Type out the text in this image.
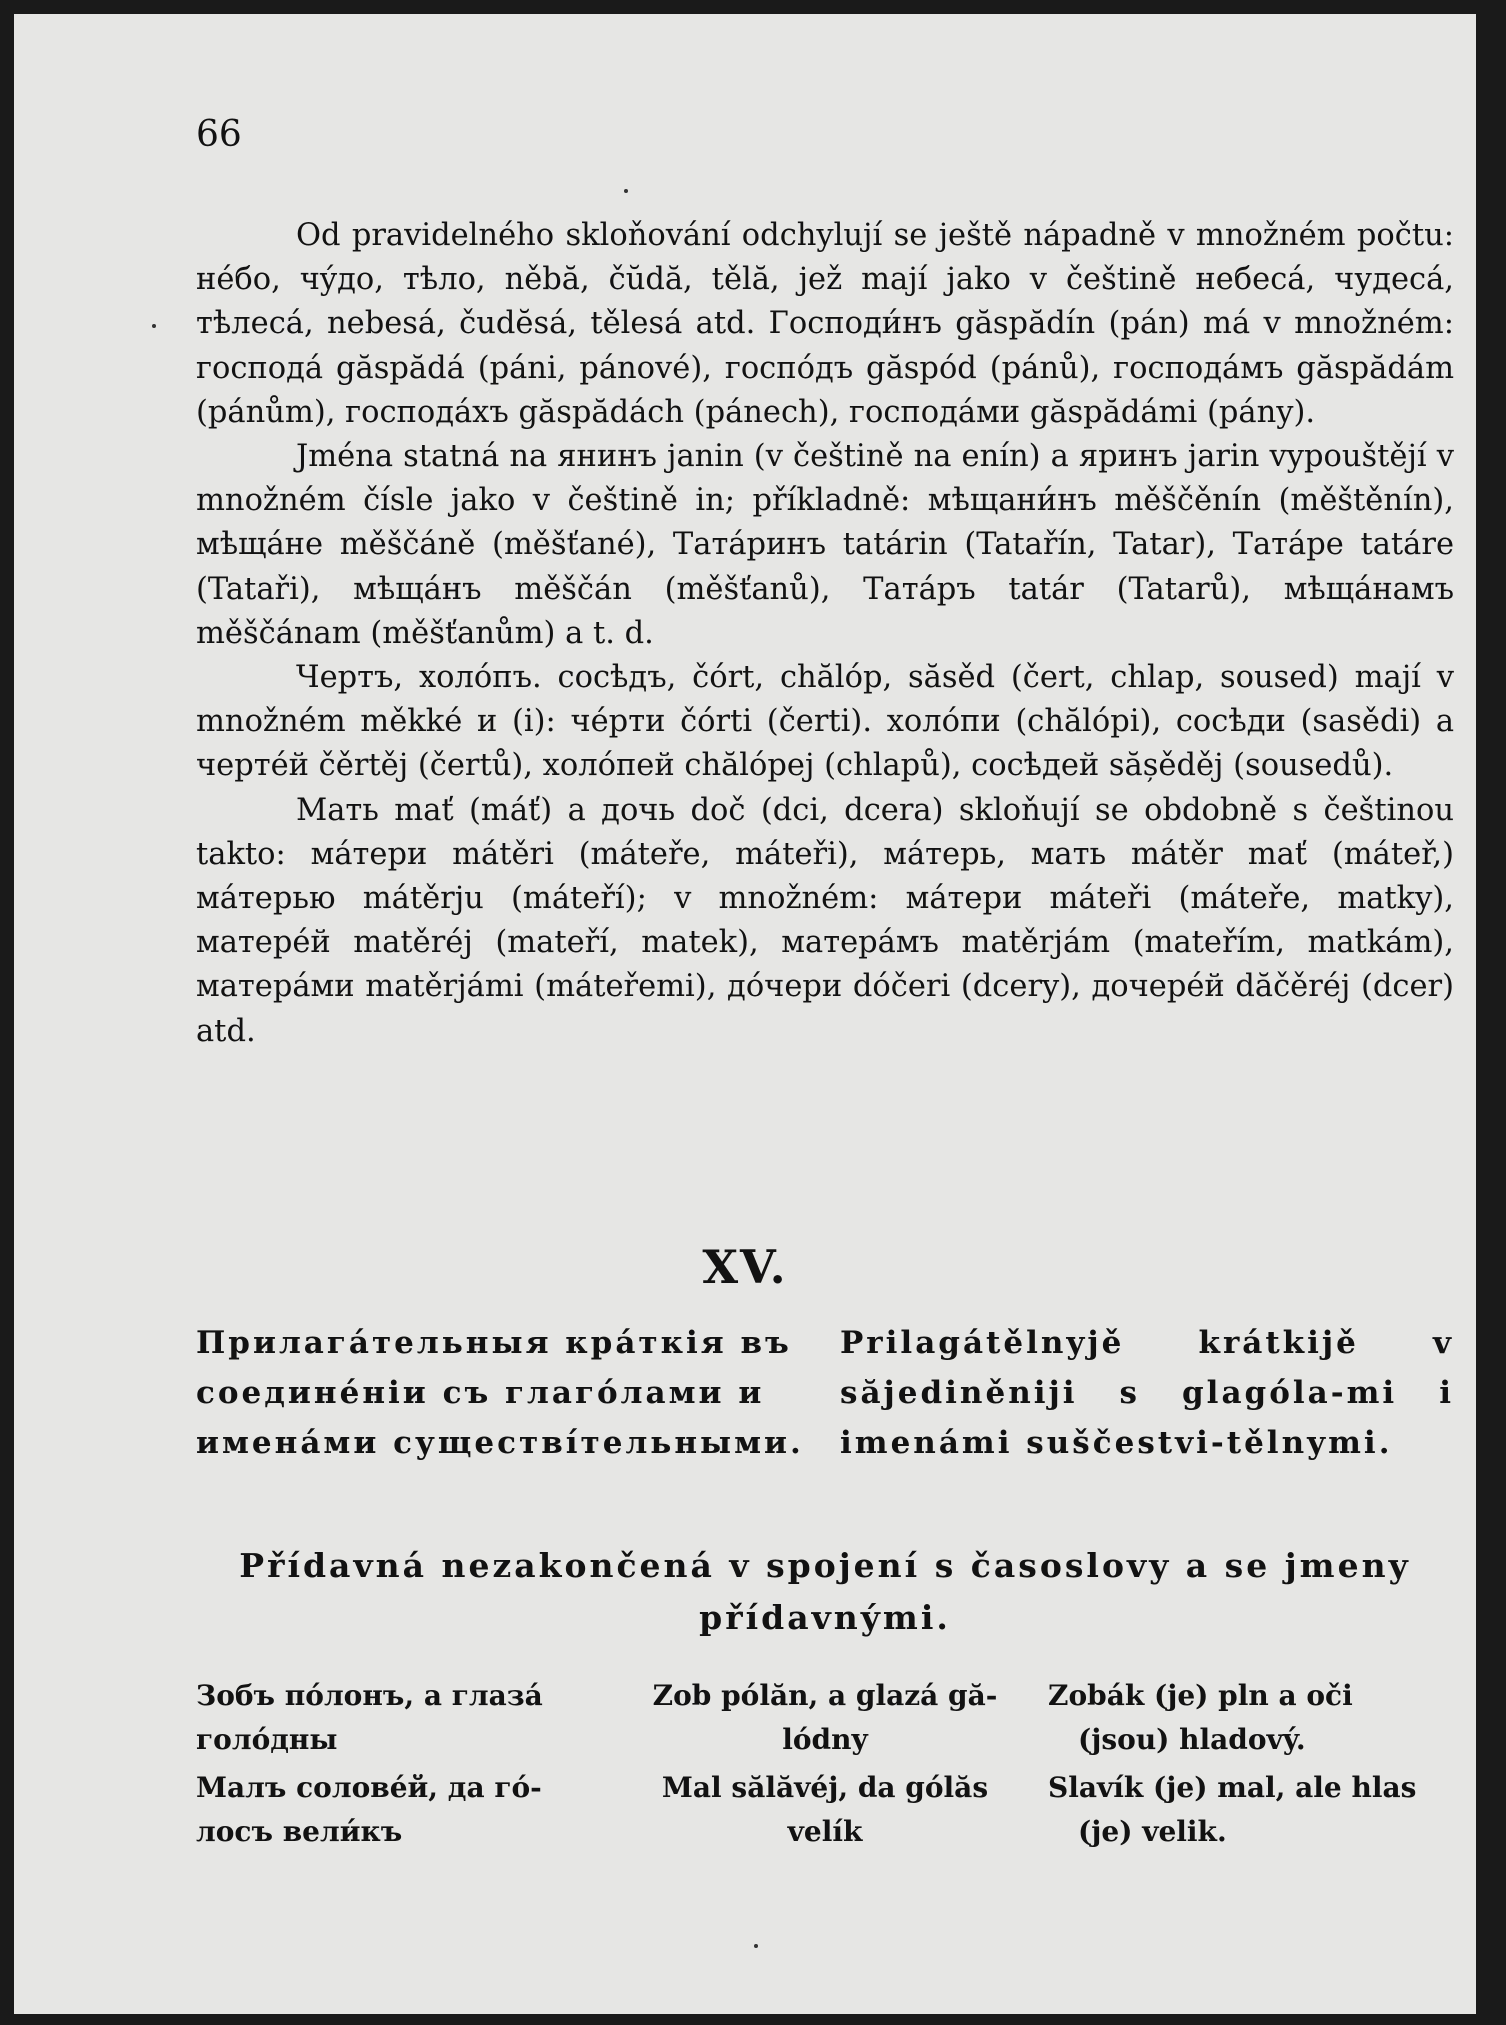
66

Od pravidelného skloňování odchylují se ještě nápadně v množném počtu: нéбо, чýдо, тѣло, něbă, čŭdă, tělă, jež mají jako v češtině небесá, чудесá, тѣлесá, nebesá, čudĕsá, tělesá atd. Господи́нъ găspădín (pán) má v množném: господá găspădá (páni, pánové), госпóдъ găspód (pánů), господáмъ găspădám (pánům), господáхъ găspădách (pánech), господáми găspădámi (pány).

Jména statná na янинъ janin (v češtině na enín) a яринъ jarin vypouštějí v množném čísle jako v češtině in; příkladně: мѣщани́нъ měščěnín (měštěnín), мѣщáне měščáně (měšťané), Татáринъ tatárin (Tatařín, Tatar), Татáре tatáre (Tataři), мѣщáнъ měščán (měšťanů), Татáръ tatár (Tatarů), мѣщáнамъ měščánam (měšťanům) a t. d.

Чертъ, холóпъ. сосѣдъ, čórt, chălóp, săsěd (čert, chlap, soused) mají v množném měkké и (i): чéрти čórti (čerti). холóпи (chălópi), сосѣди (sasědi) a чертéй čěrtěj (čertů), холóпей chălópej (chlapů), сосѣдей sășěděj (sousedů).

Мать mať (máť) a дочь doč (dci, dcera) skloňují se obdobně s češtinou takto: мáтери mátěri (mátеře, mátеři), мáтерь, мать mátěr mať (mátеř,) мáтерью mátěrju (mátеří); v množném: мáтери mátеři (mátеře, matky), матерéй matěréj (mateří, matek), матерáмъ matěrjám (mateřím, matkám), матерáми matěrjámi (mátеřemi), дóчери dóčeri (dcery), дочерéй dăčěréj (dcer) atd.

XV.
Прилагáтельныя крáткія въ соединéніи съ глагóлами и именáми сущеcтвíтельными.
Prilagátělnyjě krátkijě v săjediněniji s glagóla-mi i imenámi suščestvi-tělnymi.
Přídavná nezakončená v spojení s časoslovy a se jmeny přídavnými.

Зобъ пóлонъ, а глазá
голóдны

Малъ соловéй, да гó-
лосъ вели́къ

Zob pólăn, a glazá gă-
lódny

Mal sălăvéj, da gólăs
velík

Zobák (je) pln a oči
(jsou) hladový.

Slavík (je) mal, ale hlas
(je) velik.
